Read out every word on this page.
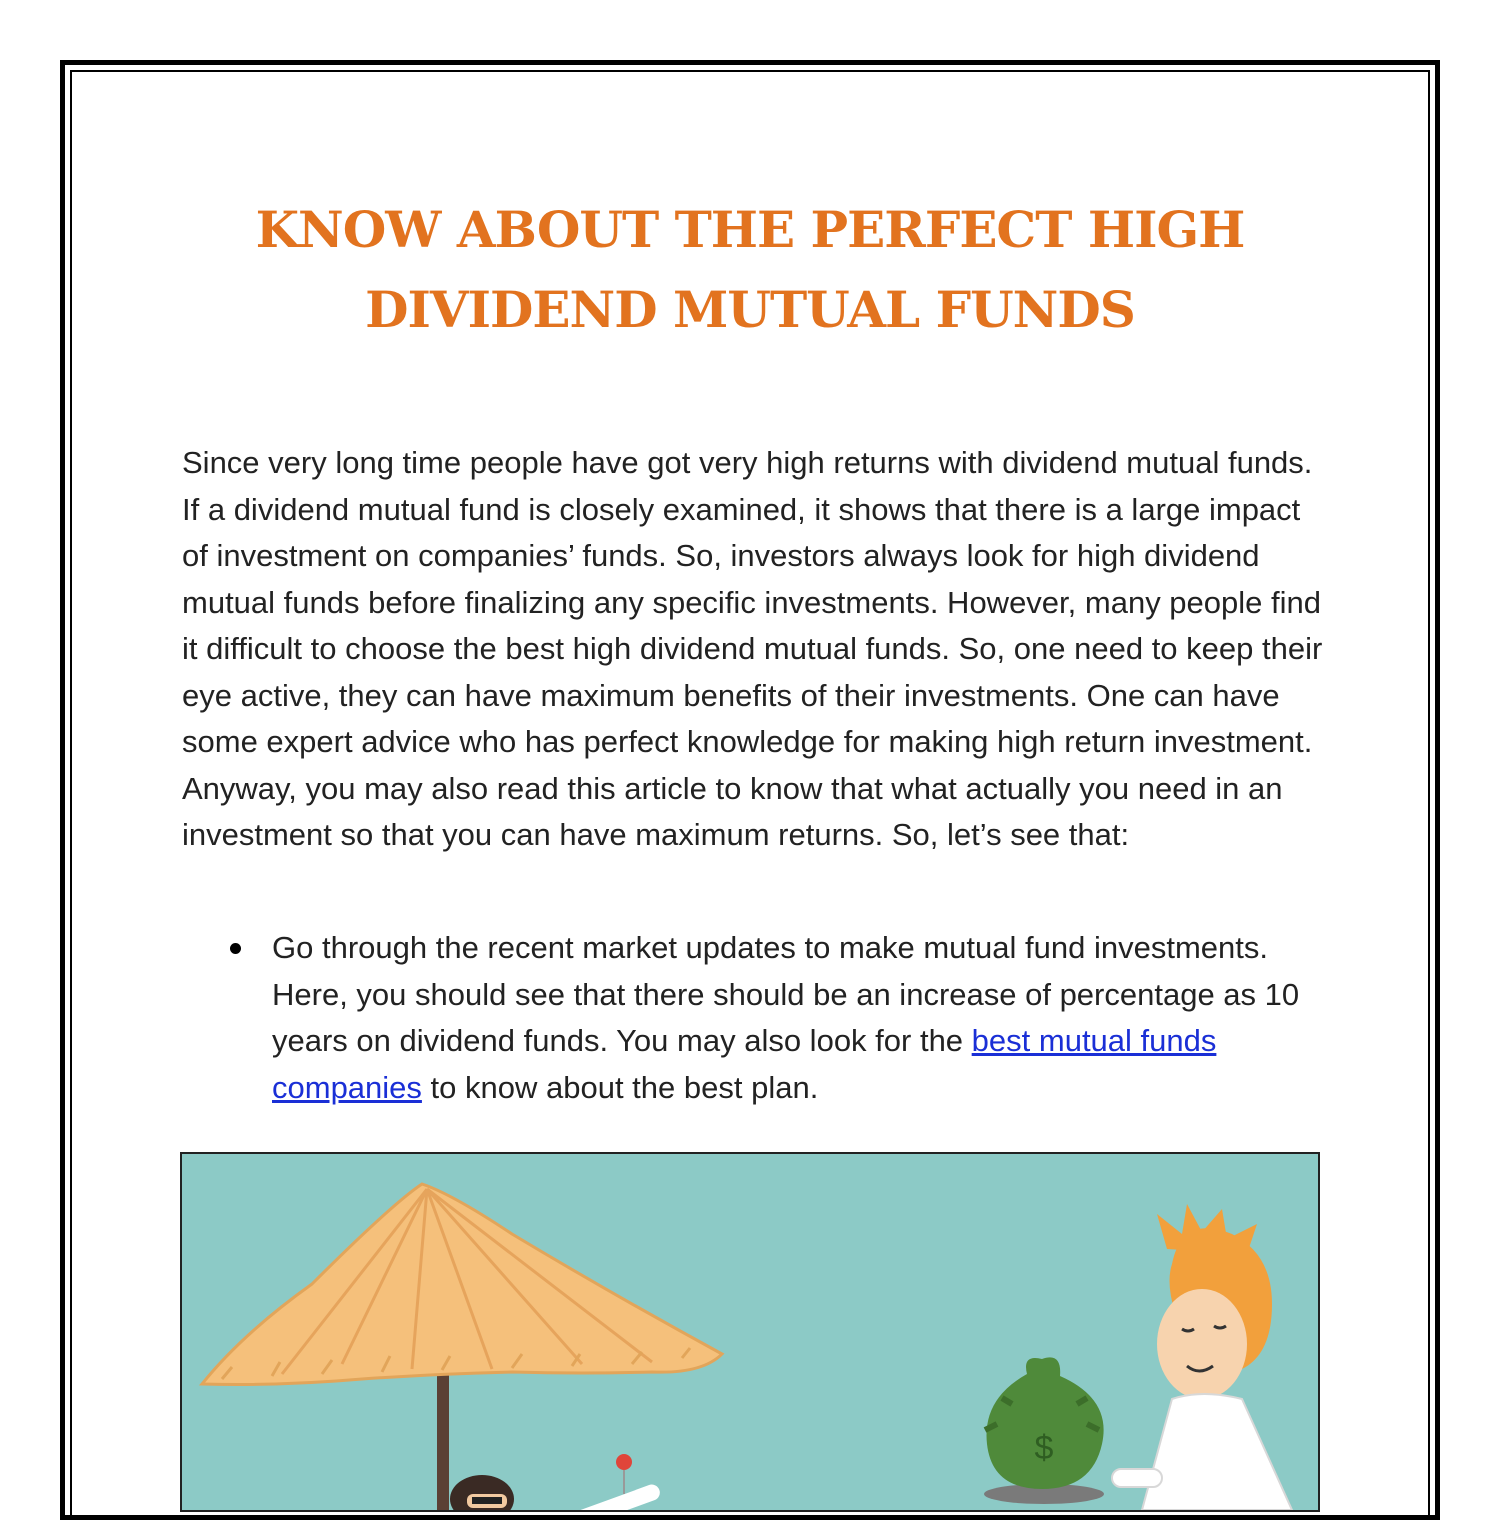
KNOW ABOUT THE PERFECT HIGH DIVIDEND MUTUAL FUNDS

Since very long time people have got very high returns with dividend mutual funds. If a dividend mutual fund is closely examined, it shows that there is a large impact of investment on companies’ funds. So, investors always look for high dividend mutual funds before finalizing any specific investments. However, many people find it difficult to choose the best high dividend mutual funds. So, one need to keep their eye active, they can have maximum benefits of their investments. One can have some expert advice who has perfect knowledge for making high return investment. Anyway, you may also read this article to know that what actually you need in an investment so that you can have maximum returns. So, let’s see that:

Go through the recent market updates to make mutual fund investments. Here, you should see that there should be an increase of percentage as 10 years on dividend funds. You may also look for the best mutual funds companies to know about the best plan.
$
